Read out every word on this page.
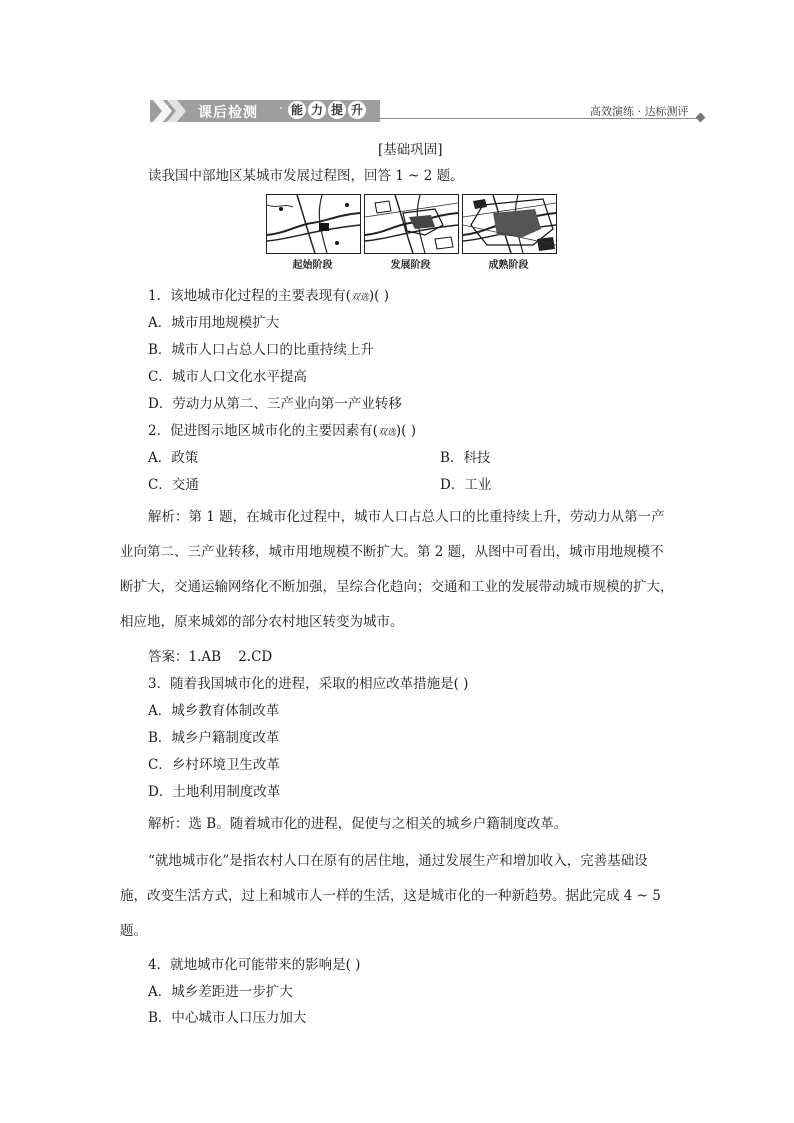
课后检测 · 能 力 提 升	高效演练 · 达标测评
[基础巩固]
读我国中部地区某城市发展过程图，回答 1 ~ 2 题。
起始阶段	发展阶段	成熟阶段
1．该地城市化过程的主要表现有(双选)( )
A．城市用地规模扩大
B．城市人口占总人口的比重持续上升
C．城市人口文化水平提高
D．劳动力从第二、三产业向第一产业转移
2．促进图示地区城市化的主要因素有(双选)( )
A．政策	B．科技
C．交通	D．工业
解析：第 1 题，在城市化过程中，城市人口占总人口的比重持续上升，劳动力从第一产
业向第二、三产业转移，城市用地规模不断扩大。第 2 题，从图中可看出，城市用地规模不
断扩大，交通运输网络化不断加强，呈综合化趋向；交通和工业的发展带动城市规模的扩大，
相应地，原来城郊的部分农村地区转变为城市。
答案：1.AB    2.CD
3．随着我国城市化的进程，采取的相应改革措施是( )
A．城乡教育体制改革
B．城乡户籍制度改革
C．乡村环境卫生改革
D．土地利用制度改革
解析：选 B。随着城市化的进程，促使与之相关的城乡户籍制度改革。
“就地城市化”是指农村人口在原有的居住地，通过发展生产和增加收入，完善基础设
施，改变生活方式，过上和城市人一样的生活，这是城市化的一种新趋势。据此完成 4 ~ 5
题。
4．就地城市化可能带来的影响是( )
A．城乡差距进一步扩大
B．中心城市人口压力加大
